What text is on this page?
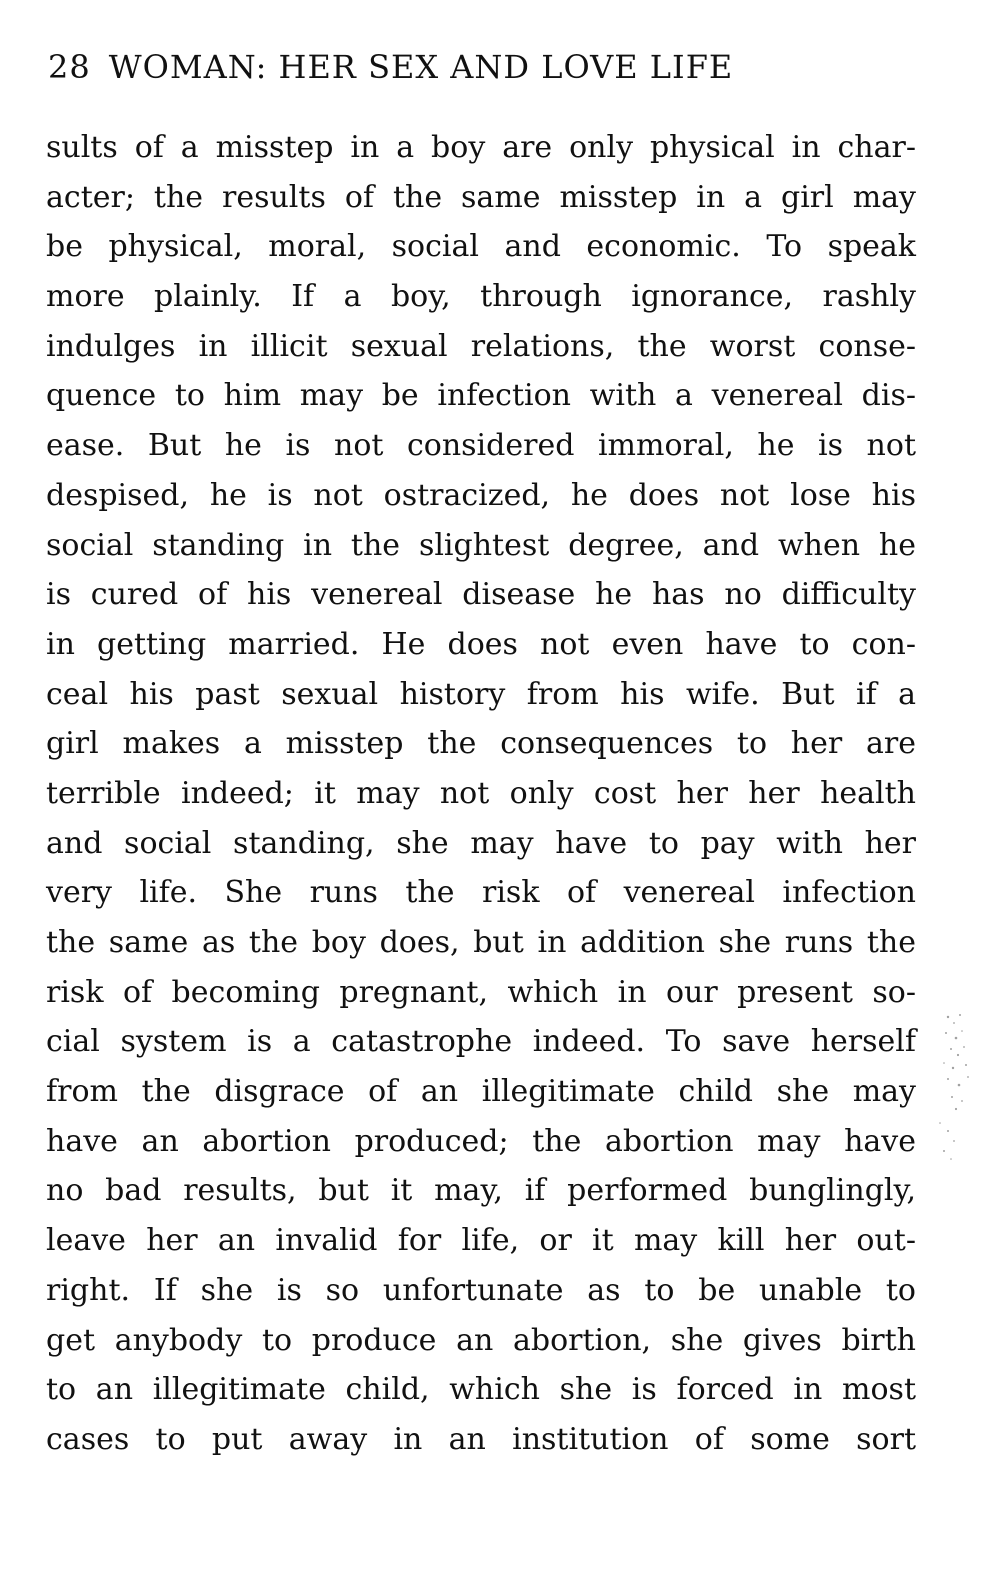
28 WOMAN: HER SEX AND LOVE LIFE
sults of a misstep in a boy are only physical in char-
acter; the results of the same misstep in a girl may
be physical, moral, social and economic. To speak
more plainly. If a boy, through ignorance, rashly
indulges in illicit sexual relations, the worst conse-
quence to him may be infection with a venereal dis-
ease. But he is not considered immoral, he is not
despised, he is not ostracized, he does not lose his
social standing in the slightest degree, and when he
is cured of his venereal disease he has no difficulty
in getting married. He does not even have to con-
ceal his past sexual history from his wife. But if a
girl makes a misstep the consequences to her are
terrible indeed; it may not only cost her her health
and social standing, she may have to pay with her
very life. She runs the risk of venereal infection
the same as the boy does, but in addition she runs the
risk of becoming pregnant, which in our present so-
cial system is a catastrophe indeed. To save herself
from the disgrace of an illegitimate child she may
have an abortion produced; the abortion may have
no bad results, but it may, if performed bunglingly,
leave her an invalid for life, or it may kill her out-
right. If she is so unfortunate as to be unable to
get anybody to produce an abortion, she gives birth
to an illegitimate child, which she is forced in most
cases to put away in an institution of some sort
